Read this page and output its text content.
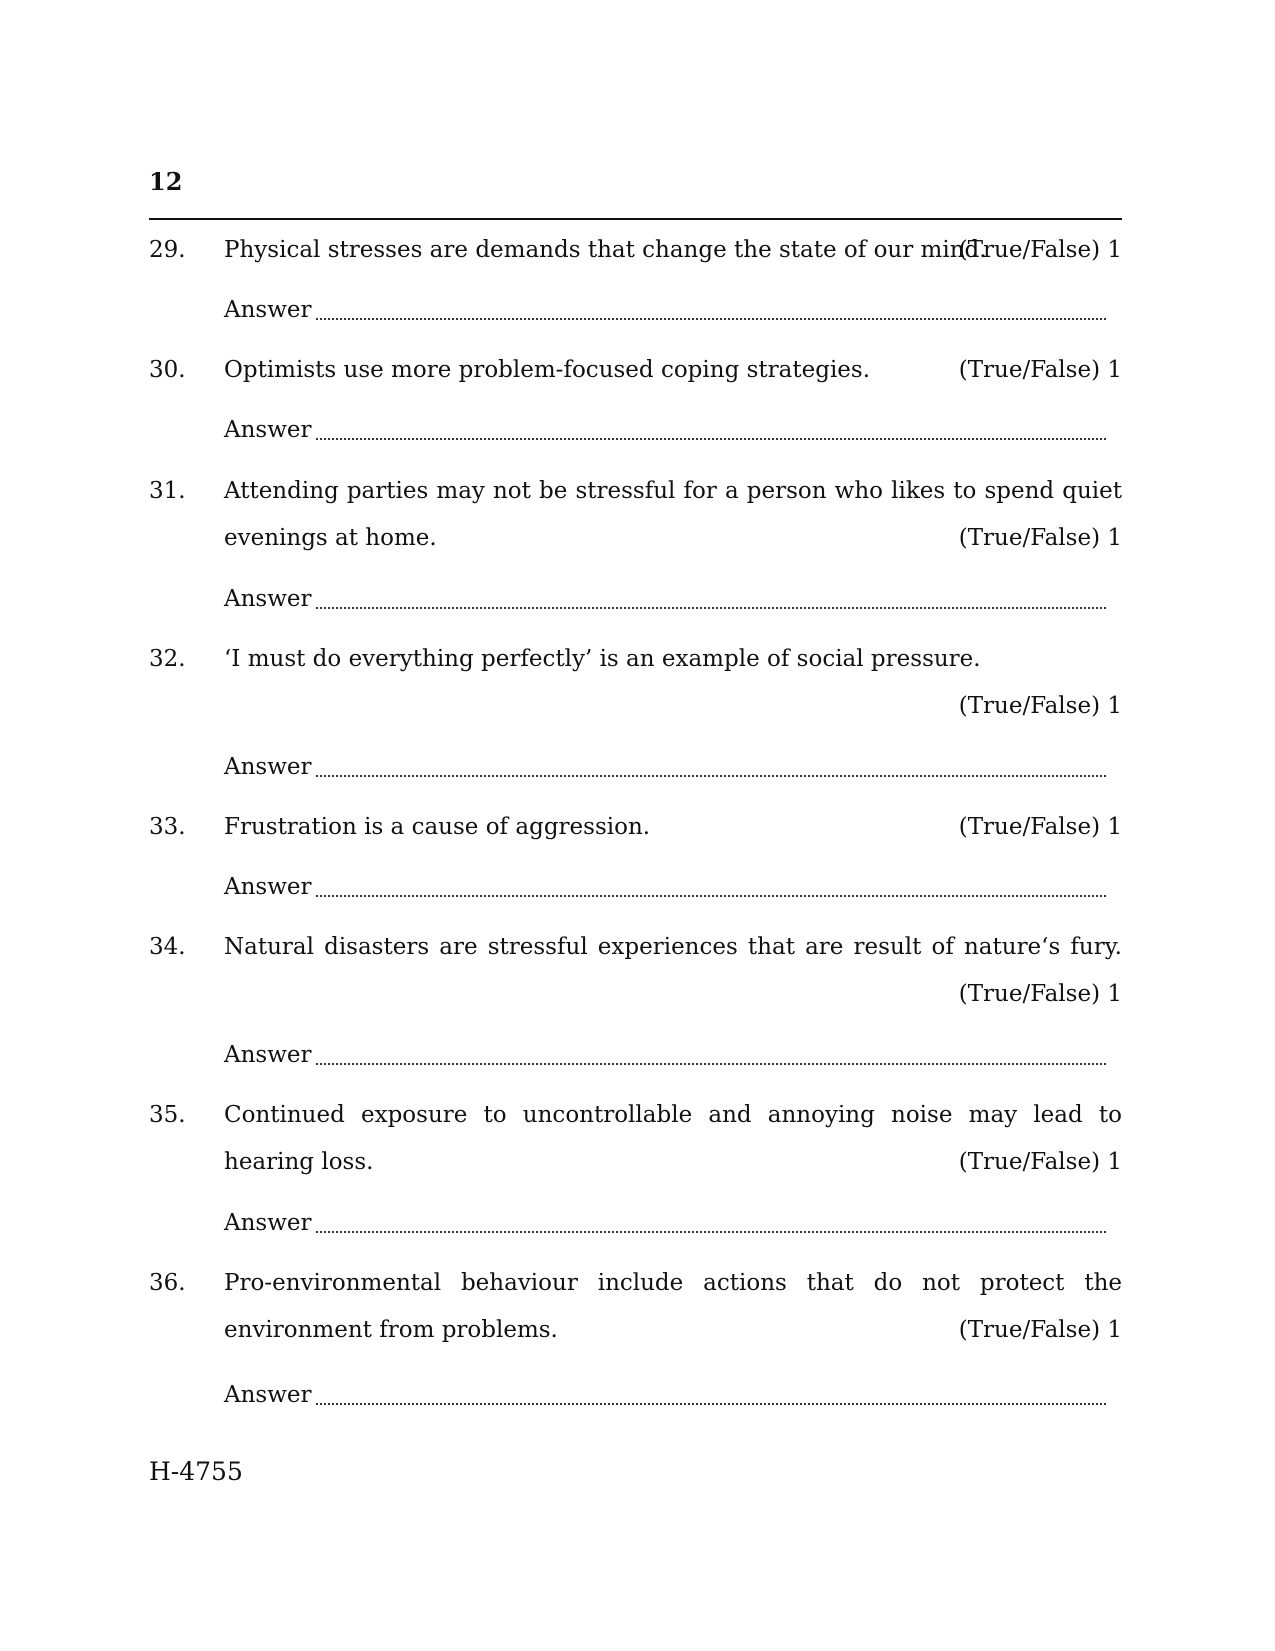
12
29. Physical stresses are demands that change the state of our mind.
(True/False) 1
Answer
30. Optimists use more problem-focused coping strategies.	(True/False) 1
Answer
31. Attending parties may not be stressful for a person who likes to spend quiet
evenings at home.	(True/False) 1
Answer
32. ‘I must do everything perfectly’ is an example of social pressure.
(True/False) 1
Answer
33. Frustration is a cause of aggression.	(True/False) 1
Answer
34. Natural disasters are stressful experiences that are result of nature‘s fury.
(True/False) 1
Answer
35. Continued exposure to uncontrollable and annoying noise may lead to
hearing loss.	(True/False) 1
Answer
36. Pro-environmental behaviour include actions that do not protect the
environment from problems.	(True/False) 1
Answer
H-4755
